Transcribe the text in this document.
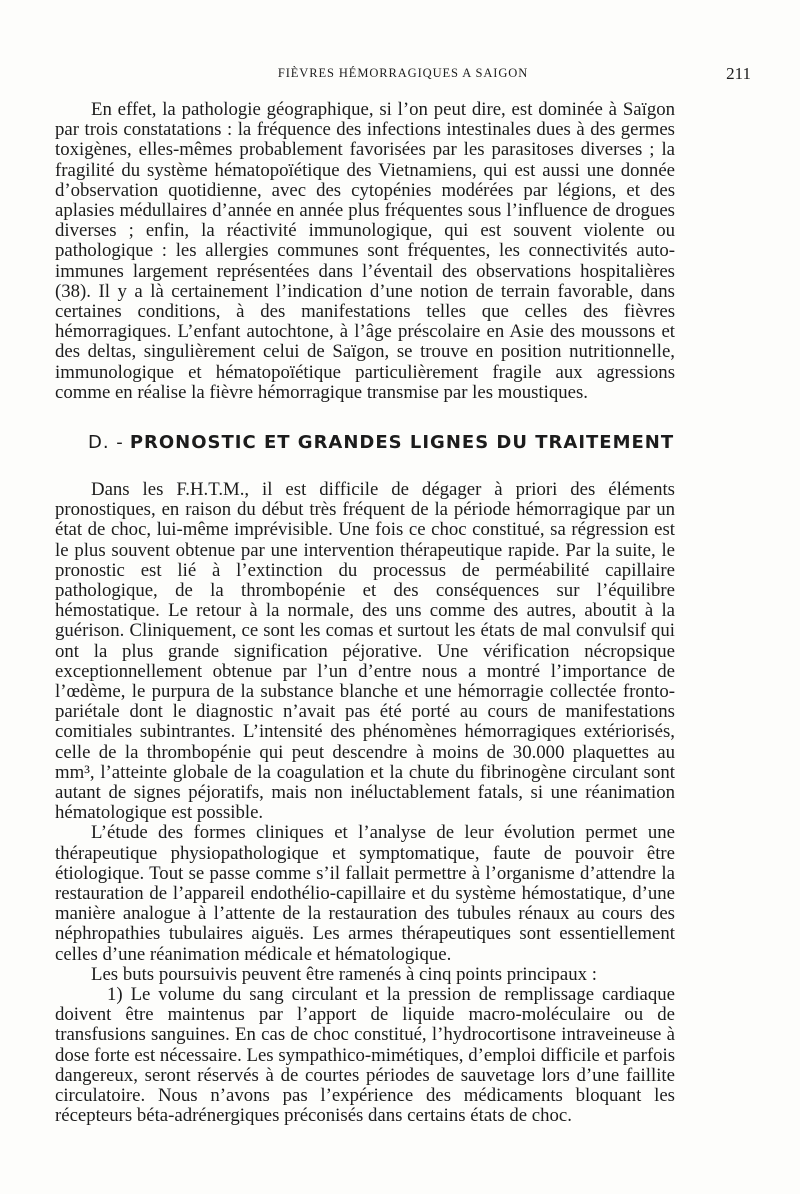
FIÈVRES HÉMORRAGIQUES A SAIGON	211

En effet, la pathologie géographique, si l’on peut dire, est dominée à Saïgon par trois constatations : la fréquence des infections intestinales dues à des germes toxigènes, elles-mêmes probablement favorisées par les parasitoses diverses ; la fragilité du système hématopoïétique des Vietnamiens, qui est aussi une donnée d’observation quotidienne, avec des cytopénies modérées par légions, et des aplasies médullaires d’année en année plus fréquentes sous l’influence de drogues diverses ; enfin, la réactivité immunologique, qui est souvent violente ou pathologique : les allergies communes sont fréquentes, les connectivités auto-immunes largement représentées dans l’éventail des observations hospitalières (38). Il y a là certainement l’indication d’une notion de terrain favorable, dans certaines conditions, à des manifestations telles que celles des fièvres hémorragiques. L’enfant autochtone, à l’âge préscolaire en Asie des moussons et des deltas, singulièrement celui de Saïgon, se trouve en position nutritionnelle, immunologique et hématopoïétique particulièrement fragile aux agressions comme en réalise la fièvre hémorragique transmise par les moustiques.

D. - PRONOSTIC ET GRANDES LIGNES DU TRAITEMENT

Dans les F.H.T.M., il est difficile de dégager à priori des éléments pronostiques, en raison du début très fréquent de la période hémorragique par un état de choc, lui-même imprévisible. Une fois ce choc constitué, sa régression est le plus souvent obtenue par une intervention thérapeutique rapide. Par la suite, le pronostic est lié à l’extinction du processus de perméabilité capillaire pathologique, de la thrombopénie et des conséquences sur l’équilibre hémostatique. Le retour à la normale, des uns comme des autres, aboutit à la guérison. Cliniquement, ce sont les comas et surtout les états de mal convulsif qui ont la plus grande signification péjorative. Une vérification nécropsique exceptionnellement obtenue par l’un d’entre nous a montré l’importance de l’œdème, le purpura de la substance blanche et une hémorragie collectée fronto-pariétale dont le diagnostic n’avait pas été porté au cours de manifestations comitiales subintrantes. L’intensité des phénomènes hémorragiques extériorisés, celle de la thrombopénie qui peut descendre à moins de 30.000 plaquettes au mm³, l’atteinte globale de la coagulation et la chute du fibrinogène circulant sont autant de signes péjoratifs, mais non inéluctablement fatals, si une réanimation hématologique est possible.

L’étude des formes cliniques et l’analyse de leur évolution permet une thérapeutique physiopathologique et symptomatique, faute de pouvoir être étiologique. Tout se passe comme s’il fallait permettre à l’organisme d’attendre la restauration de l’appareil endothélio-capillaire et du système hémostatique, d’une manière analogue à l’attente de la restauration des tubules rénaux au cours des néphropathies tubulaires aiguës. Les armes thérapeutiques sont essentiellement celles d’une réanimation médicale et hématologique.

Les buts poursuivis peuvent être ramenés à cinq points principaux :

1) Le volume du sang circulant et la pression de remplissage cardiaque doivent être maintenus par l’apport de liquide macro-moléculaire ou de transfusions sanguines. En cas de choc constitué, l’hydrocortisone intraveineuse à dose forte est nécessaire. Les sympathico-mimétiques, d’emploi difficile et parfois dangereux, seront réservés à de courtes périodes de sauvetage lors d’une faillite circulatoire. Nous n’avons pas l’expérience des médicaments bloquant les récepteurs béta-adrénergiques préconisés dans certains états de choc.
